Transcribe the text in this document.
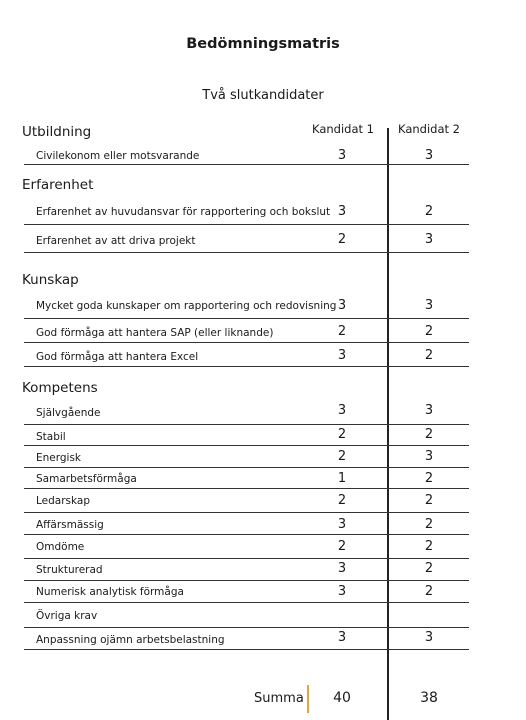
Bedömningsmatris
Två slutkandidater
Kandidat 1	Kandidat 2
Utbildning
Civilekonom eller motsvarande	3	3
Erfarenhet
Erfarenhet av huvudansvar för rapportering och bokslut 3	2
Erfarenhet av att driva projekt	2	3
Kunskap
Mycket goda kunskaper om rapportering och redovisning 3	3
God förmåga att hantera SAP (eller liknande)	2	2
God förmåga att hantera Excel	3	2
Kompetens
Självgående	3	3
Stabil	2	2
Energisk	2	3
Samarbetsförmåga	1	2
Ledarskap	2	2
Affärsmässig	3	2
Omdöme	2	2
Strukturerad	3	2
Numerisk analytisk förmåga	3	2
Övriga krav
Anpassning ojämn arbetsbelastning	3	3
Summa	40	38
